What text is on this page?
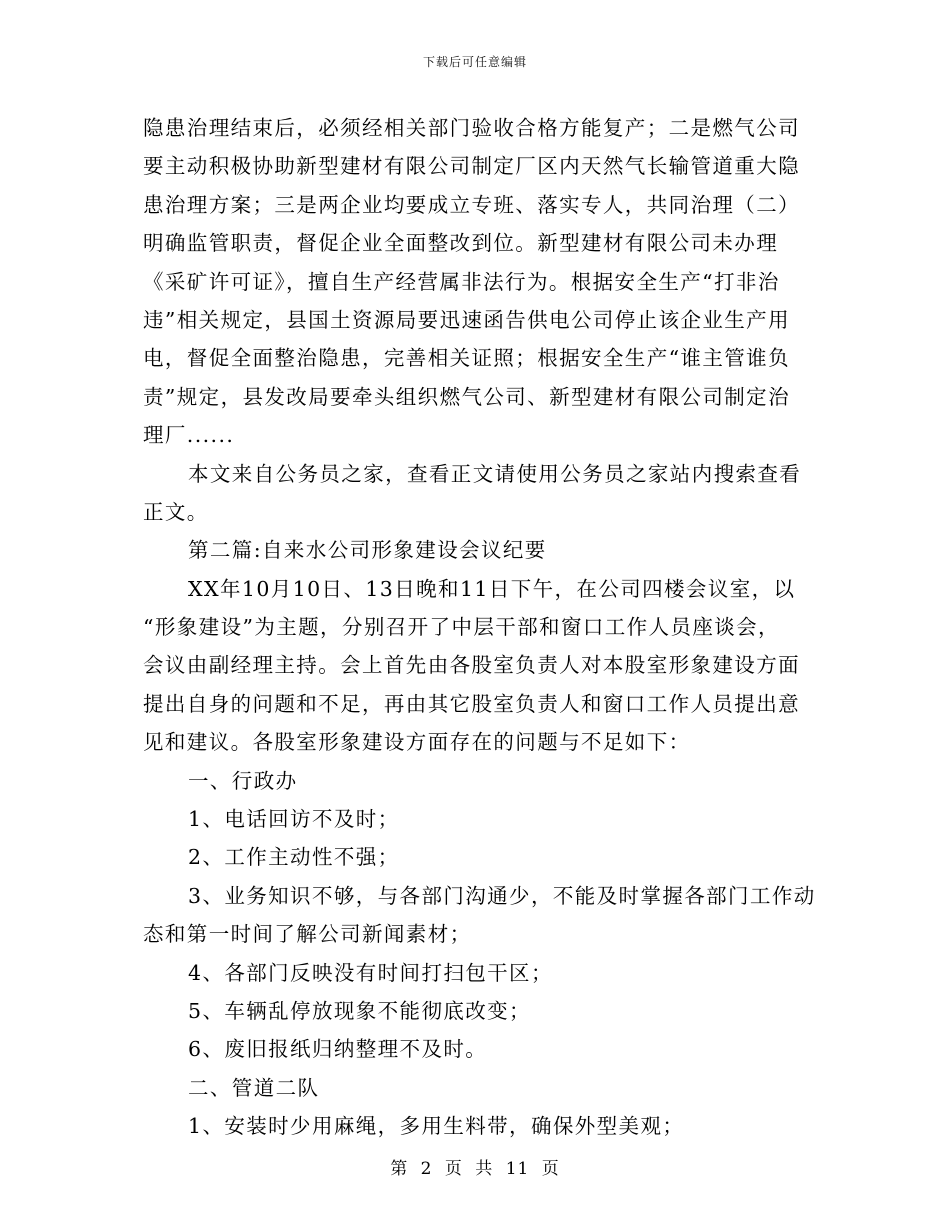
下载后可任意编辑
隐患治理结束后，必须经相关部门验收合格方能复产；二是燃气公司
要主动积极协助新型建材有限公司制定厂区内天然气长输管道重大隐
患治理方案；三是两企业均要成立专班、落实专人，共同治理（二）
明确监管职责，督促企业全面整改到位。新型建材有限公司未办理
《采矿许可证》，擅自生产经营属非法行为。根据安全生产“打非治
违”相关规定，县国土资源局要迅速函告供电公司停止该企业生产用
电，督促全面整治隐患，完善相关证照；根据安全生产“谁主管谁负
责”规定，县发改局要牵头组织燃气公司、新型建材有限公司制定治
理厂......
本文来自公务员之家，查看正文请使用公务员之家站内搜索查看
正文。
第二篇:自来水公司形象建设会议纪要
XX年10月10日、13日晚和11日下午，在公司四楼会议室，以
“形象建设”为主题，分别召开了中层干部和窗口工作人员座谈会，
会议由副经理主持。会上首先由各股室负责人对本股室形象建设方面
提出自身的问题和不足，再由其它股室负责人和窗口工作人员提出意
见和建议。各股室形象建设方面存在的问题与不足如下：
一、行政办
1、电话回访不及时；
2、工作主动性不强；
3、业务知识不够，与各部门沟通少，不能及时掌握各部门工作动
态和第一时间了解公司新闻素材；
4、各部门反映没有时间打扫包干区；
5、车辆乱停放现象不能彻底改变；
6、废旧报纸归纳整理不及时。
二、管道二队
1、安装时少用麻绳，多用生料带，确保外型美观；
第 2 页 共 11 页
